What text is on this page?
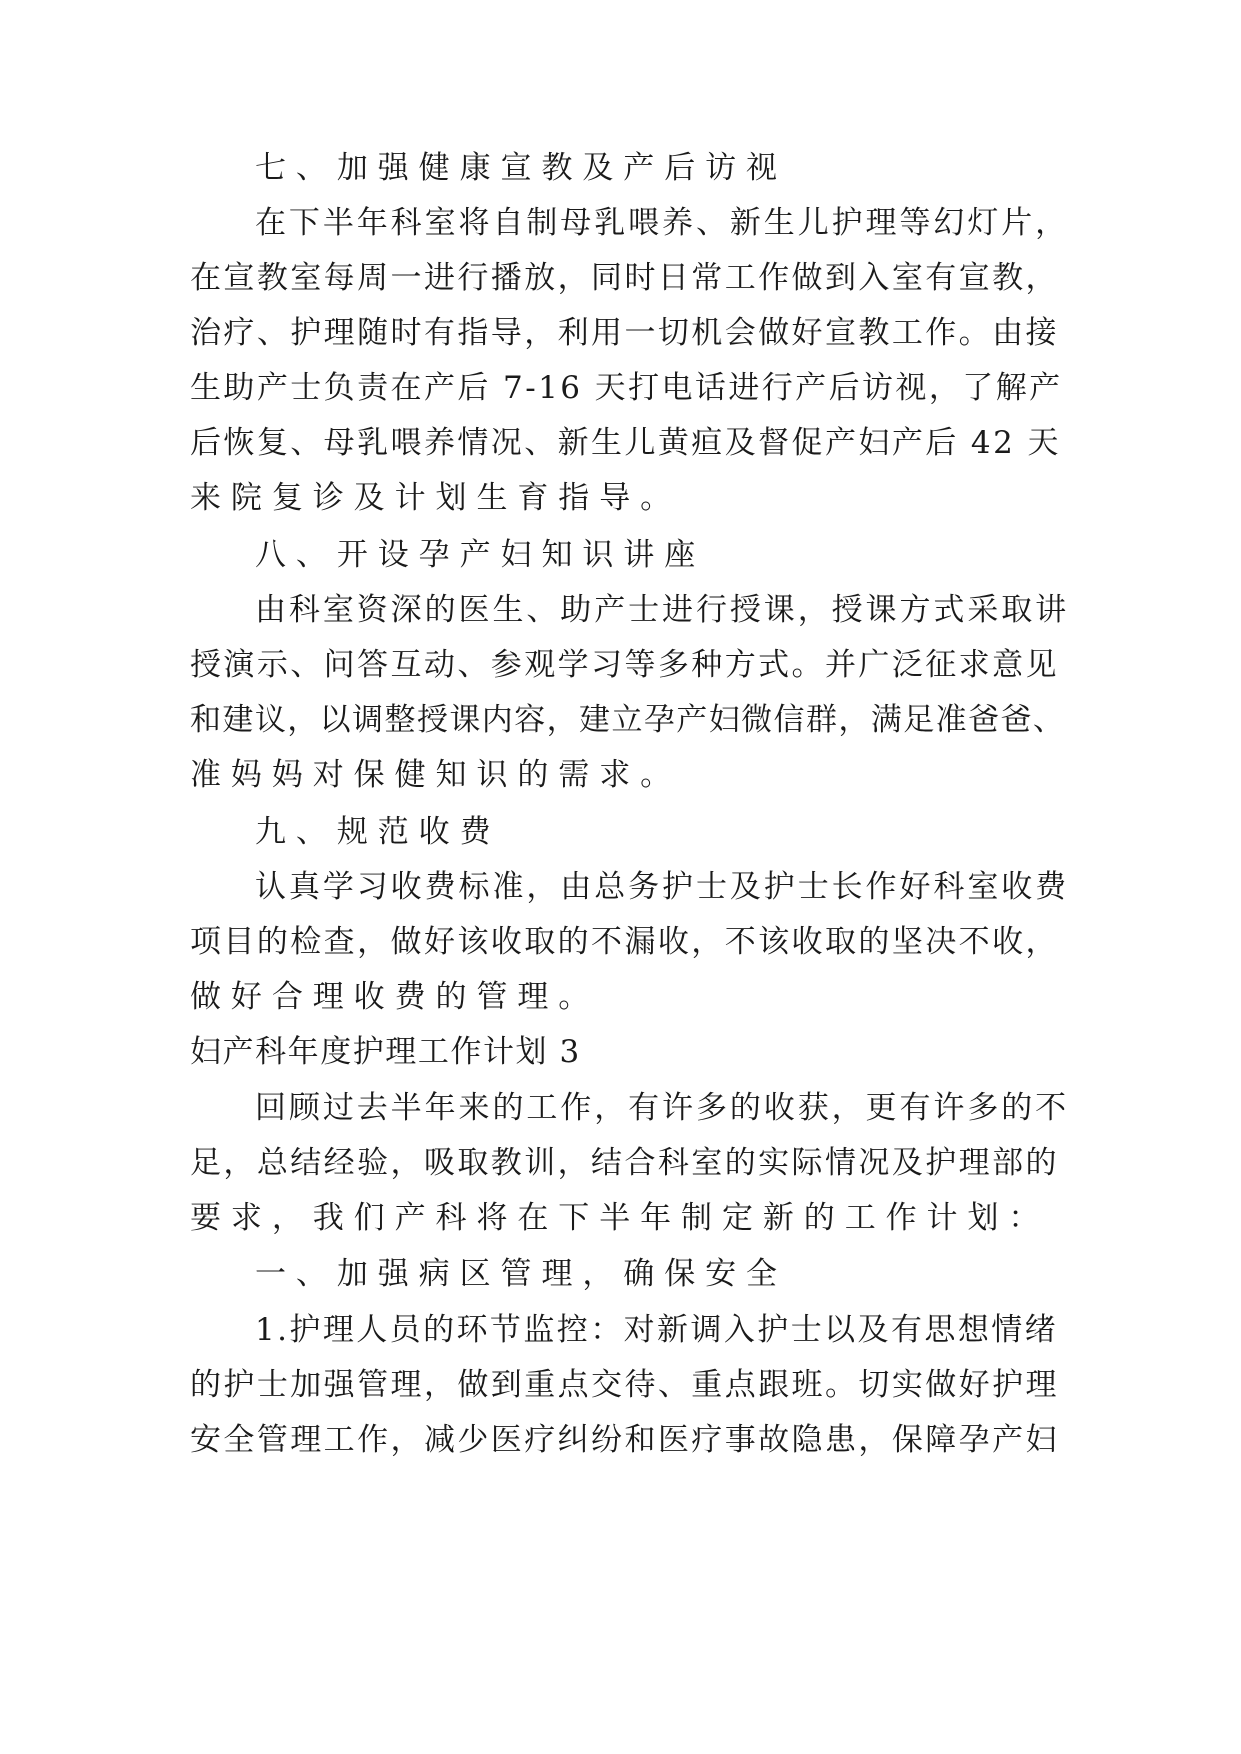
七、加强健康宣教及产后访视
在下半年科室将自制母乳喂养、新生儿护理等幻灯片，
在宣教室每周一进行播放，同时日常工作做到入室有宣教，
治疗、护理随时有指导，利用一切机会做好宣教工作。由接
生助产士负责在产后 7-16 天打电话进行产后访视，了解产
后恢复、母乳喂养情况、新生儿黄疸及督促产妇产后 42 天
来院复诊及计划生育指导。
八、开设孕产妇知识讲座
由科室资深的医生、助产士进行授课，授课方式采取讲
授演示、问答互动、参观学习等多种方式。并广泛征求意见
和建议，以调整授课内容，建立孕产妇微信群，满足准爸爸、
准妈妈对保健知识的需求。
九、规范收费
认真学习收费标准，由总务护士及护士长作好科室收费
项目的检查，做好该收取的不漏收，不该收取的坚决不收，
做好合理收费的管理。
妇产科年度护理工作计划 3
回顾过去半年来的工作，有许多的收获，更有许多的不
足，总结经验，吸取教训，结合科室的实际情况及护理部的
要求，我们产科将在下半年制定新的工作计划：
一、加强病区管理，确保安全
1.护理人员的环节监控：对新调入护士以及有思想情绪
的护士加强管理，做到重点交待、重点跟班。切实做好护理
安全管理工作，减少医疗纠纷和医疗事故隐患，保障孕产妇
